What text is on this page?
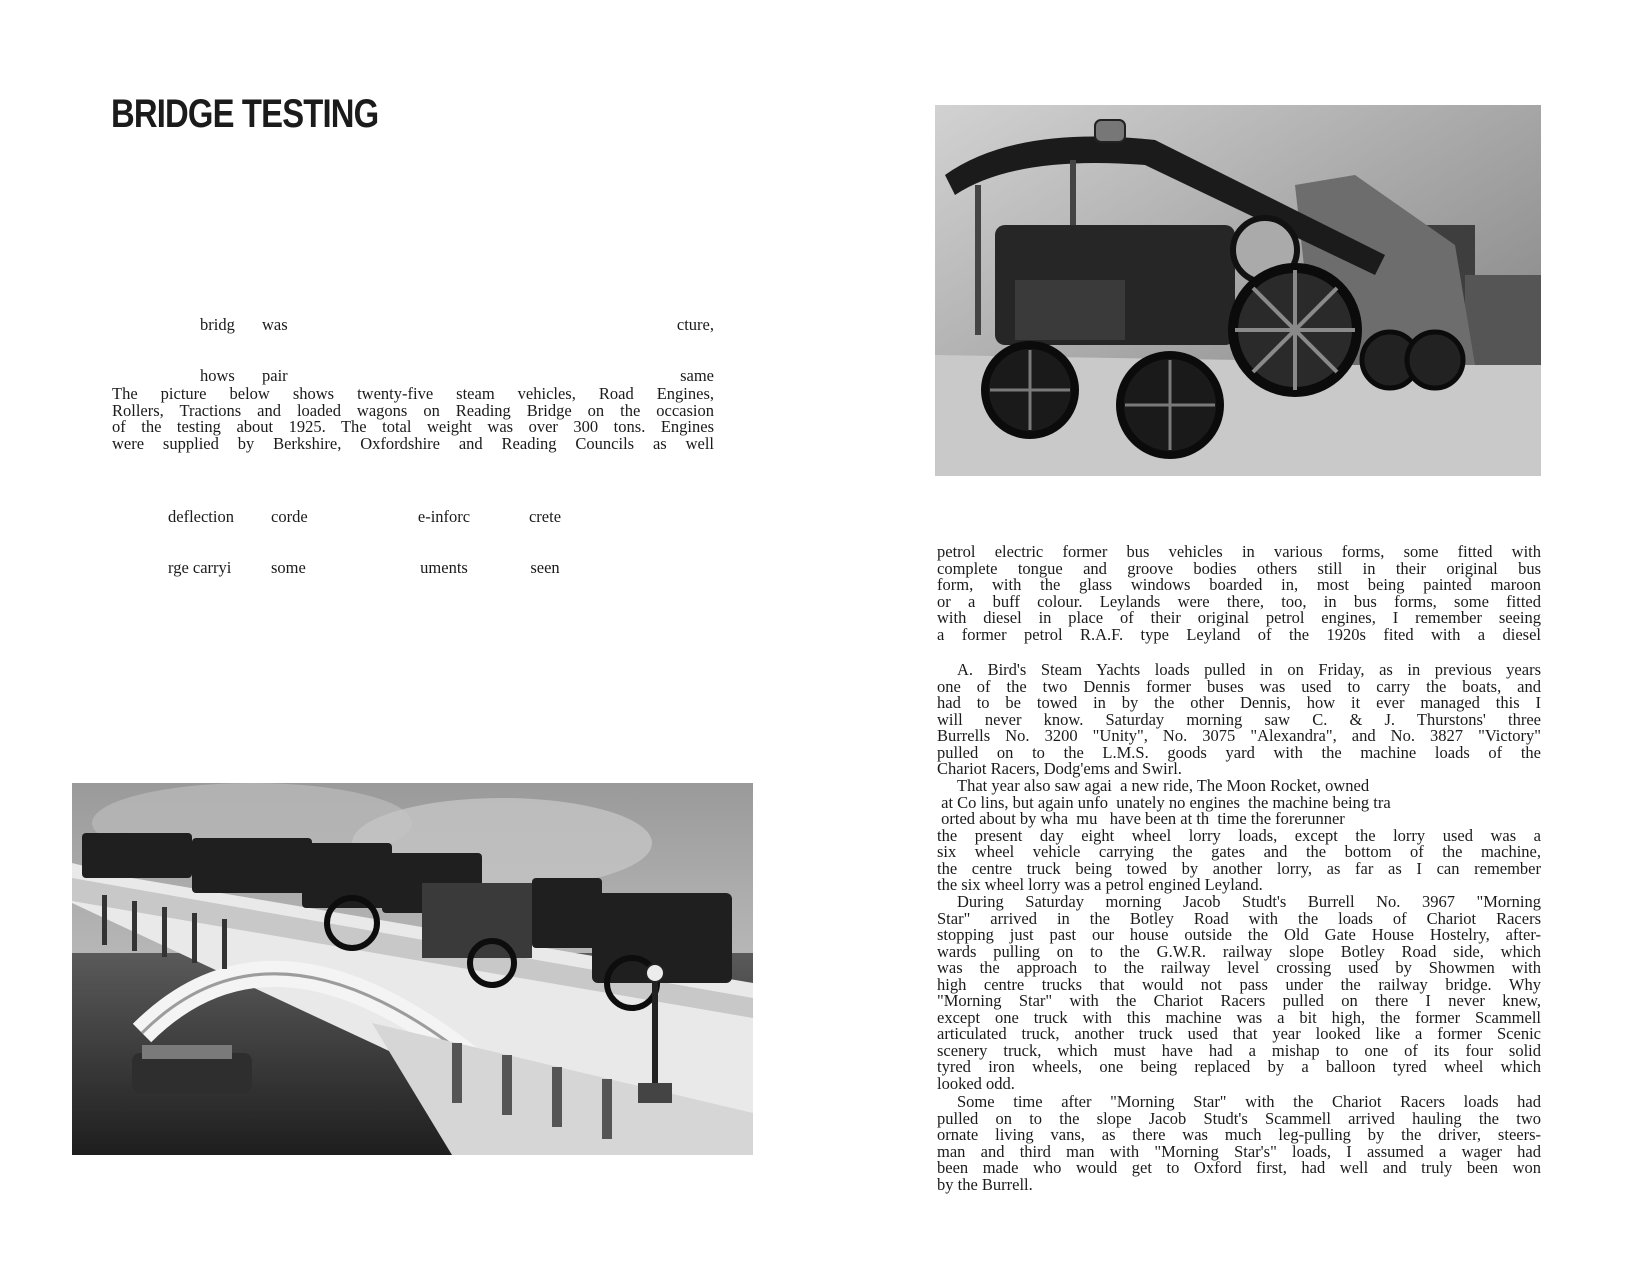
BRIDGE TESTING

bridg

hows

was

pair

cture,

same

The picture below shows twenty-five steam vehicles, Road Engines,
Rollers, Tractions and loaded wagons on Reading Bridge on the occasion
of the testing about 1925. The total weight was over 300 tons. Engines
were supplied by Berkshire, Oxfordshire and Reading Councils as well

deflection

rge carryi

corde

some

e-inforc

uments

crete

seen

petrol electric former bus vehicles in various forms, some fitted with
complete tongue and groove bodies others still in their original bus
form, with the glass windows boarded in, most being painted maroon
or a buff colour. Leylands were there, too, in bus forms, some fitted
with diesel in place of their original petrol engines, I remember seeing
a former petrol R.A.F. type Leyland of the 1920s fited with a diesel
A. Bird's Steam Yachts loads pulled in on Friday, as in previous years
one of the two Dennis former buses was used to carry the boats, and
had to be towed in by the other Dennis, how it ever managed this I
will never know. Saturday morning saw C. & J. Thurstons' three
Burrells No. 3200 "Unity", No. 3075 "Alexandra", and No. 3827 "Victory"
pulled on to the L.M.S. goods yard with the machine loads of the
Chariot Racers, Dodg'ems and Swirl.
That year also saw agai  a new ride, The Moon Rocket, owned
at Co lins, but again unfo  unately no engines  the machine being tra
orted about by wha  mu   have been at th  time the forerunner
the present day eight wheel lorry loads, except the lorry used was a
six wheel vehicle carrying the gates and the bottom of the machine,
the centre truck being towed by another lorry, as far as I can remember
the six wheel lorry was a petrol engined Leyland.
During Saturday morning Jacob Studt's Burrell No. 3967 "Morning
Star" arrived in the Botley Road with the loads of Chariot Racers
stopping just past our house outside the Old Gate House Hostelry, after-
wards pulling on to the G.W.R. railway slope Botley Road side, which
was the approach to the railway level crossing used by Showmen with
high centre trucks that would not pass under the railway bridge. Why
"Morning Star" with the Chariot Racers pulled on there I never knew,
except one truck with this machine was a bit high, the former Scammell
articulated truck, another truck used that year looked like a former Scenic
scenery truck, which must have had a mishap to one of its four solid
tyred iron wheels, one being replaced by a balloon tyred wheel which
looked odd.
Some time after "Morning Star" with the Chariot Racers loads had
pulled on to the slope Jacob Studt's Scammell arrived hauling the two
ornate living vans, as there was much leg-pulling by the driver, steers-
man and third man with "Morning Star's" loads, I assumed a wager had
been made who would get to Oxford first, had well and truly been won
by the Burrell.
